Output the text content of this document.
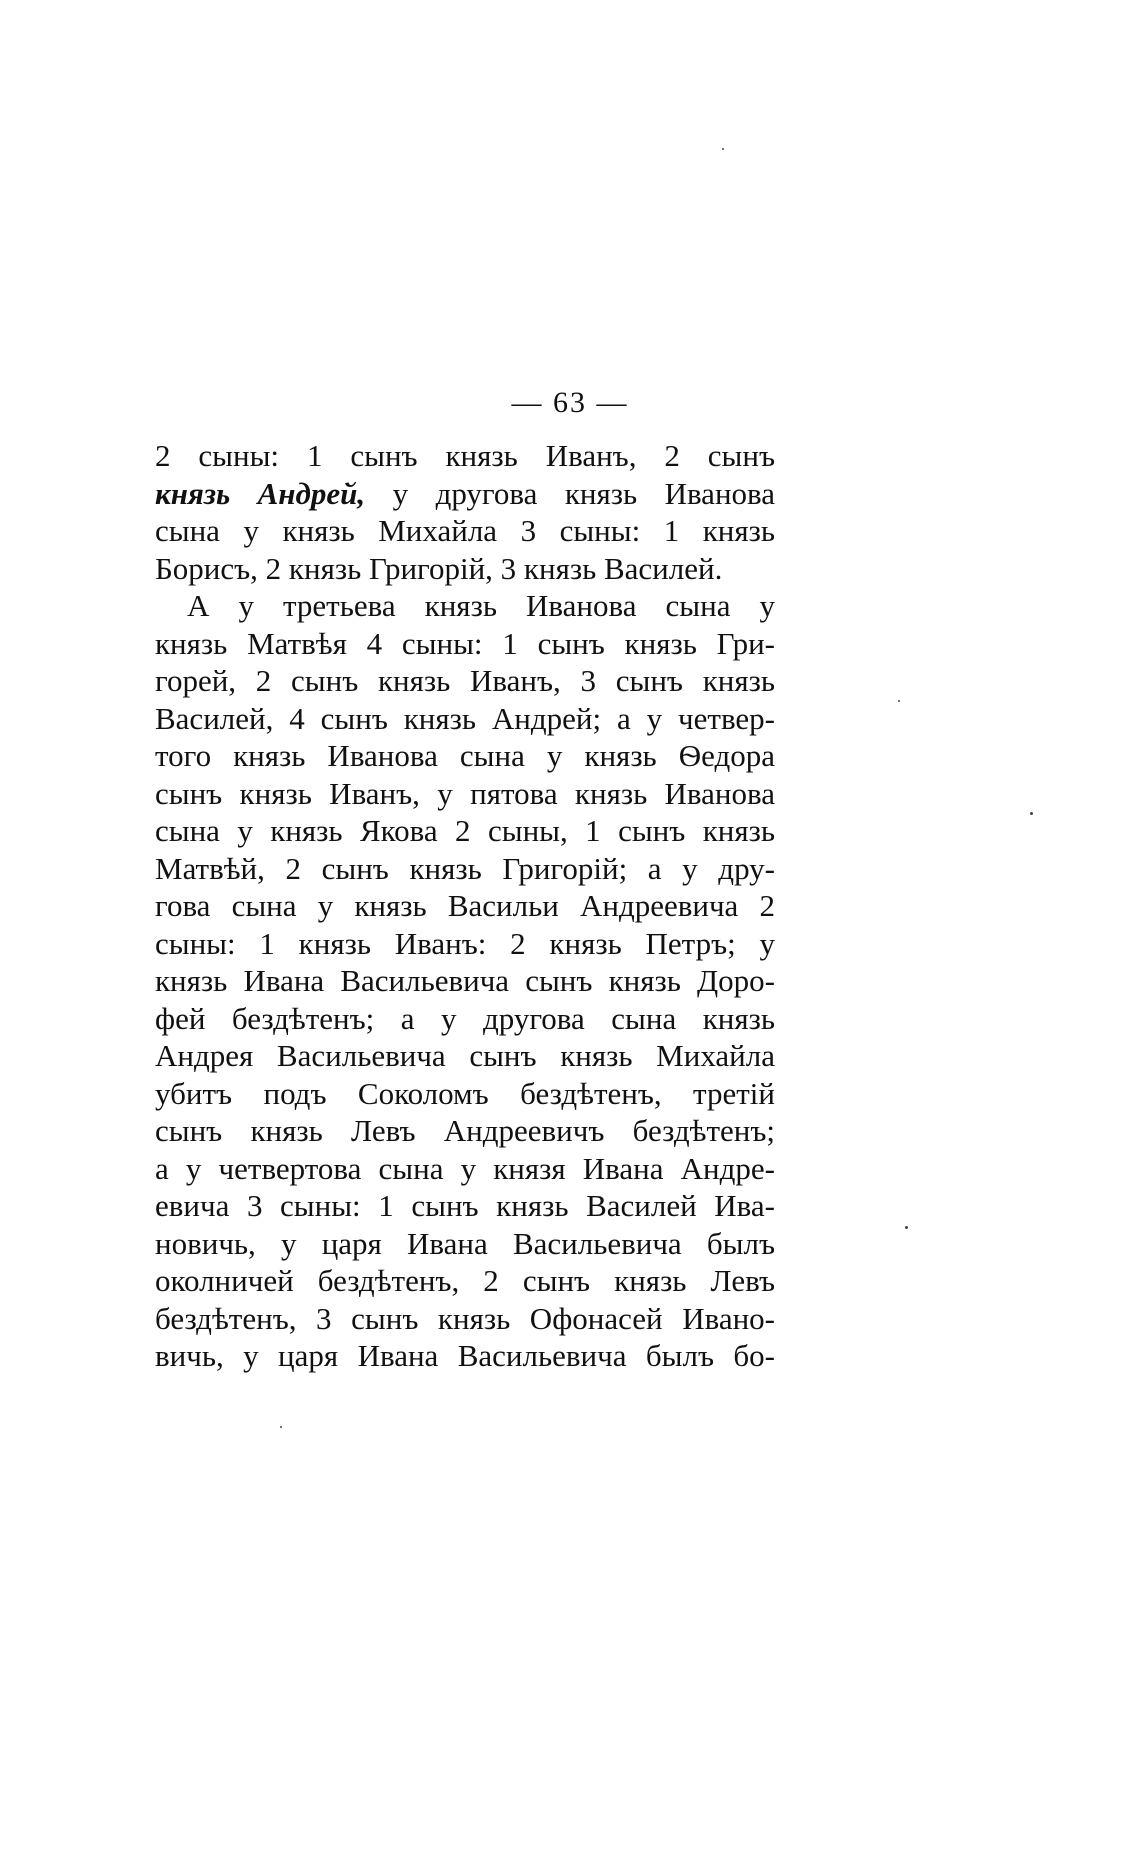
— 63 —
2 сыны: 1 сынъ князь Иванъ, 2 сынъ
князь Андрей, у другова князь Иванова
сына у князь Михайла 3 сыны: 1 князь
Борисъ, 2 князь Григорій, 3 князь Василей.
А у третьева князь Иванова сына у
князь Матвѣя 4 сыны: 1 сынъ князь Гри-
горей, 2 сынъ князь Иванъ, 3 сынъ князь
Василей, 4 сынъ князь Андрей; а у четвер-
того князь Иванова сына у князь Ѳедора
сынъ князь Иванъ, у пятова князь Иванова
сына у князь Якова 2 сыны, 1 сынъ князь
Матвѣй, 2 сынъ князь Григорій; а у дру-
гова сына у князь Васильи Андреевича 2
сыны: 1 князь Иванъ: 2 князь Петръ; у
князь Ивана Васильевича сынъ князь Доро-
фей бездѣтенъ; а у другова сына князь
Андрея Васильевича сынъ князь Михайла
убитъ подъ Соколомъ бездѣтенъ, третій
сынъ князь Левъ Андреевичъ бездѣтенъ;
а у четвертова сына у князя Ивана Андре-
евича 3 сыны: 1 сынъ князь Василей Ива-
новичь, у царя Ивана Васильевича былъ
околничей бездѣтенъ, 2 сынъ князь Левъ
бездѣтенъ, 3 сынъ князь Офонасей Ивано-
вичь, у царя Ивана Васильевича былъ бо-
